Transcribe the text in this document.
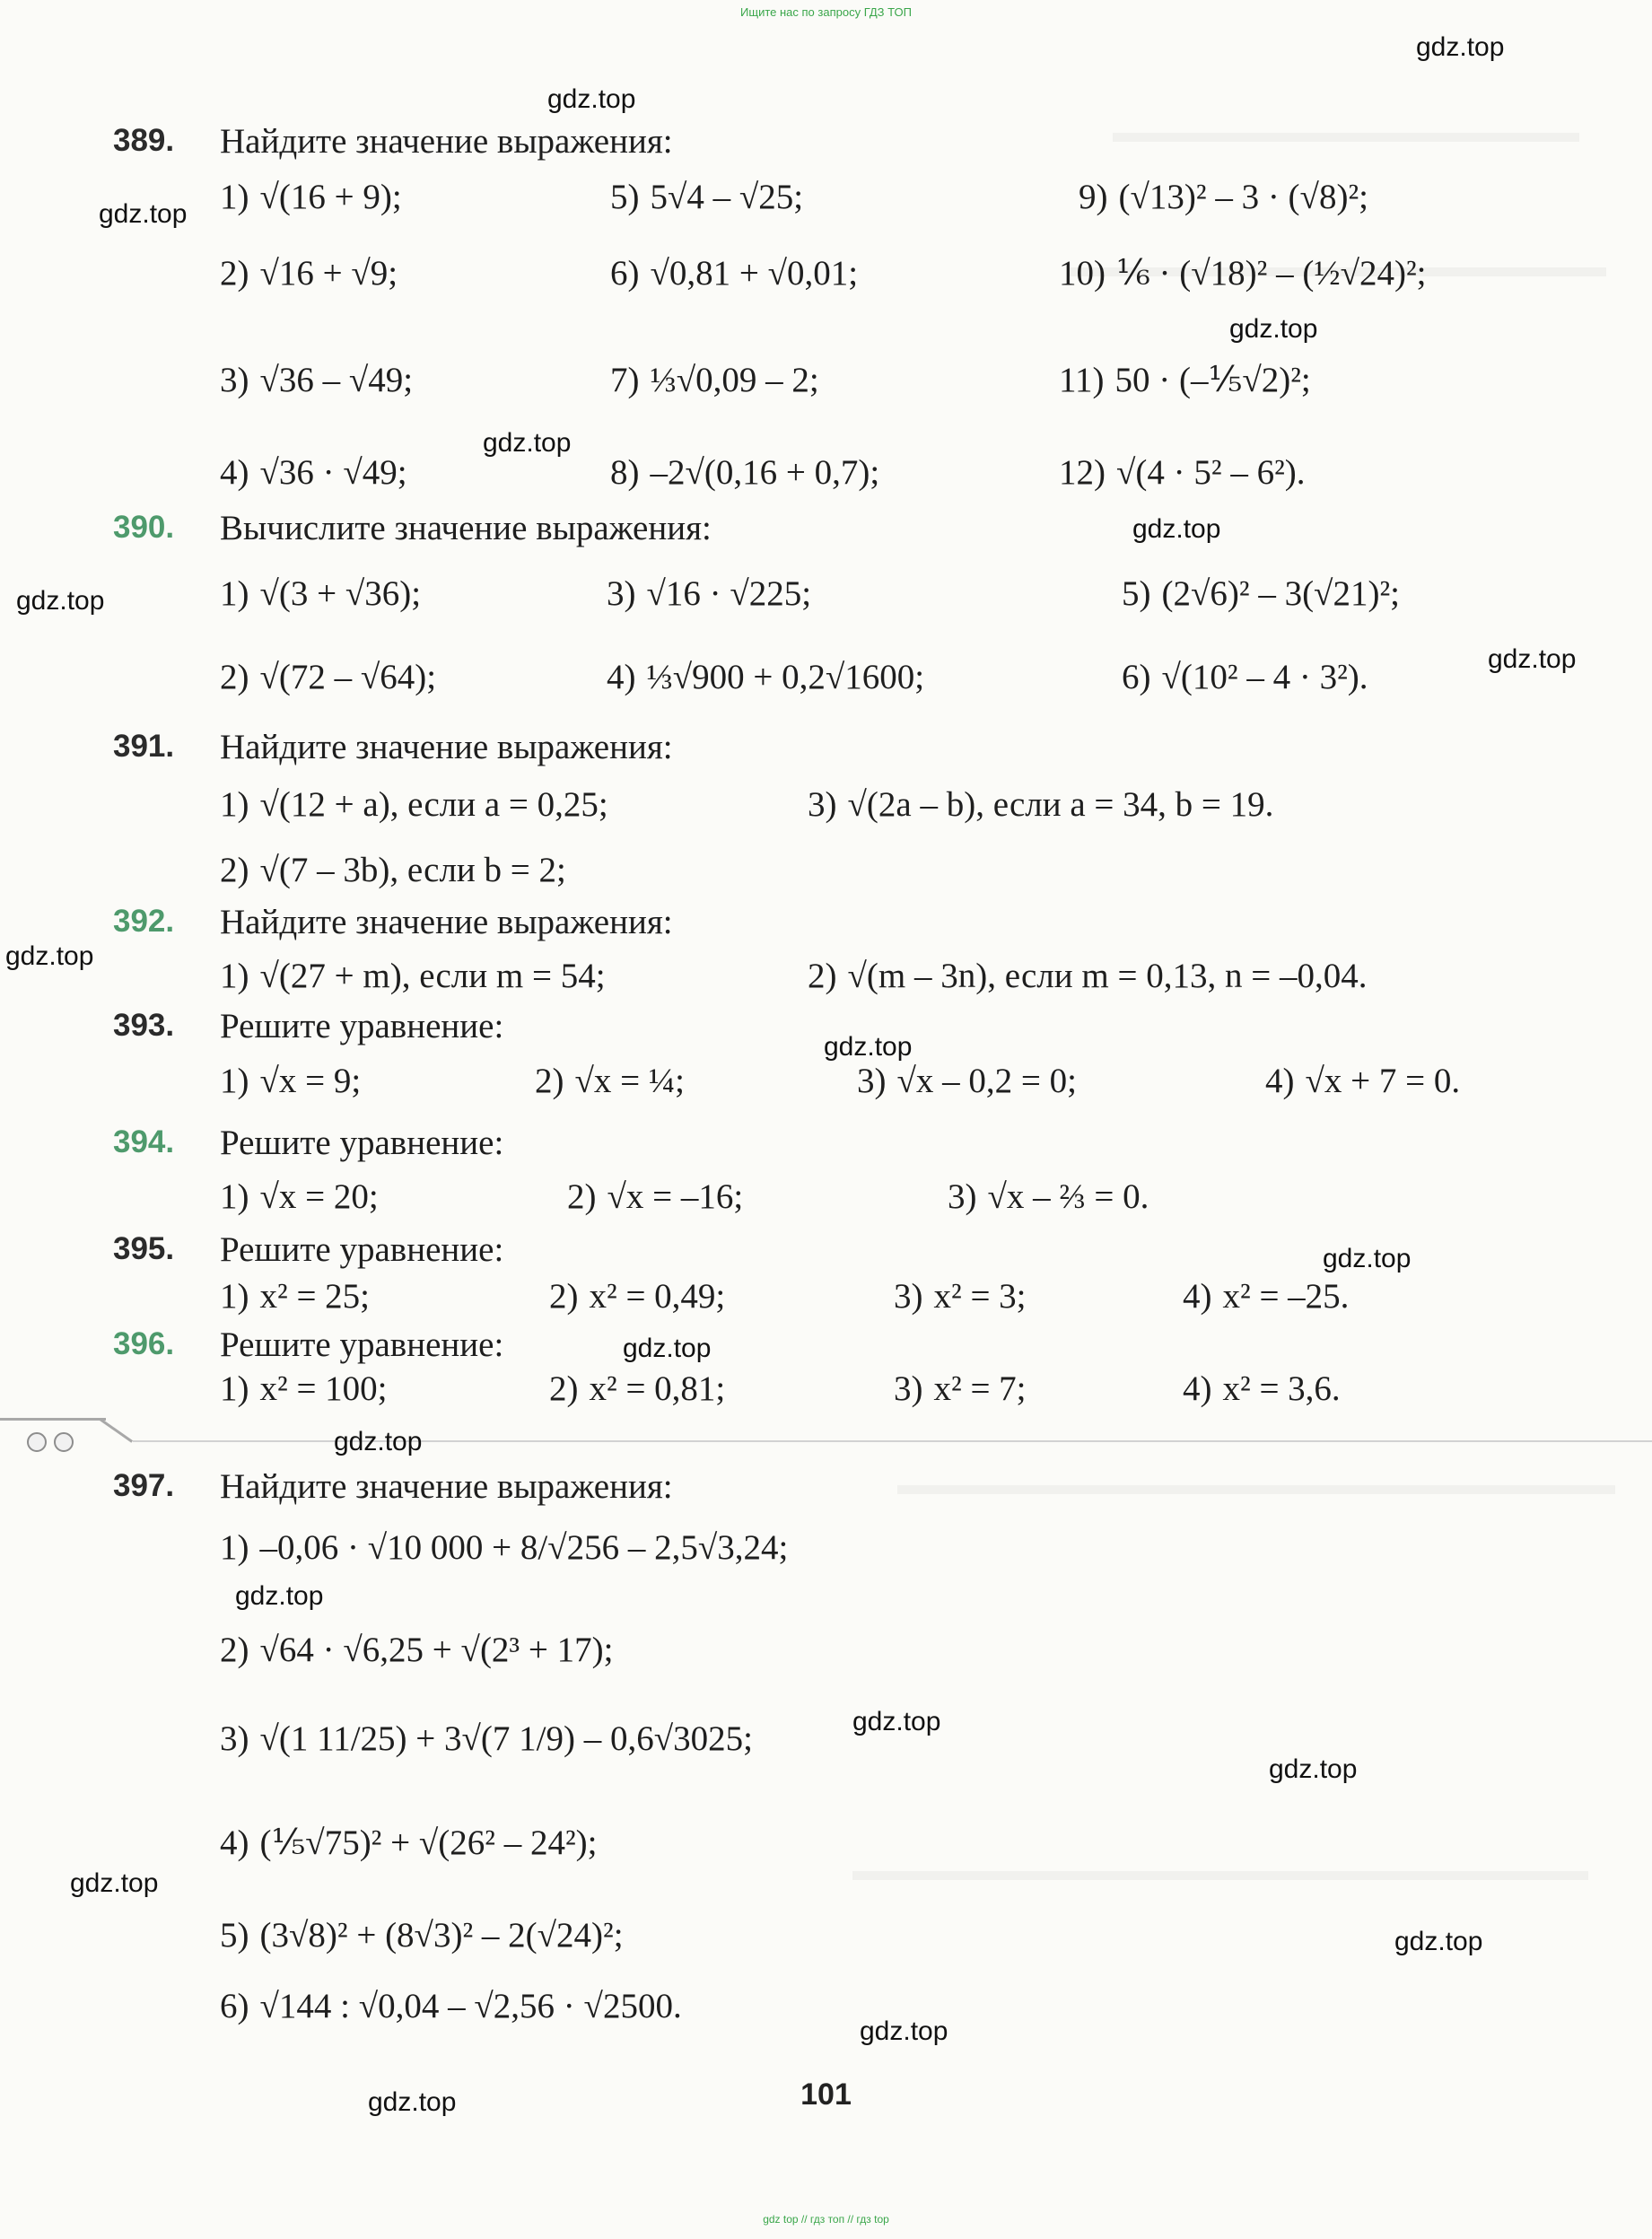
Ищите нас по запросу ГДЗ ТОП
389. Найдите значение выражения:
1) √(16 + 9);
2) √16 + √9;
3) √36 – √49;
4) √36 · √49;
5) 5√4 – √25;
6) √0,81 + √0,01;
7) ⅓√0,09 – 2;
8) –2√(0,16 + 0,7);
9) (√13)² – 3 · (√8)²;
10) ⅙ · (√18)² – (½√24)²;
11) 50 · (–⅕√2)²;
12) √(4 · 5² – 6²).
390. Вычислите значение выражения:
1) √(3 + √36);
2) √(72 – √64);
3) √16 · √225;
4) ⅓√900 + 0,2√1600;
5) (2√6)² – 3(√21)²;
6) √(10² – 4 · 3²).
391. Найдите значение выражения:
1) √(12 + a), если a = 0,25;	3) √(2a – b), если a = 34, b = 19.
2) √(7 – 3b), если b = 2;
392. Найдите значение выражения:
1) √(27 + m), если m = 54;	2) √(m – 3n), если m = 0,13, n = –0,04.
393. Решите уравнение:
1) √x = 9;	2) √x = ¼;	3) √x – 0,2 = 0;	4) √x + 7 = 0.
394. Решите уравнение:
1) √x = 20;	2) √x = –16;	3) √x – ⅔ = 0.
395. Решите уравнение:
1) x² = 25;	2) x² = 0,49;	3) x² = 3;	4) x² = –25.
396. Решите уравнение:
1) x² = 100;	2) x² = 0,81;	3) x² = 7;	4) x² = 3,6.
397. Найдите значение выражения:
1) –0,06 · √10 000 + 8/√256 – 2,5√3,24;
2) √64 · √6,25 + √(2³ + 17);
3) √(1 11/25) + 3√(7 1/9) – 0,6√3025;
4) (⅕√75)² + √(26² – 24²);
5) (3√8)² + (8√3)² – 2(√24)²;
6) √144 : √0,04 – √2,56 · √2500.
101
gdz.top
gdz.top
gdz.top
gdz.top
gdz.top
gdz.top
gdz.top
gdz.top
gdz.top
gdz.top
gdz.top
gdz.top
gdz.top
gdz.top
gdz.top
gdz.top
gdz.top
gdz.top
gdz.top
gdz.top
gdz top // гдз топ // гдз top
